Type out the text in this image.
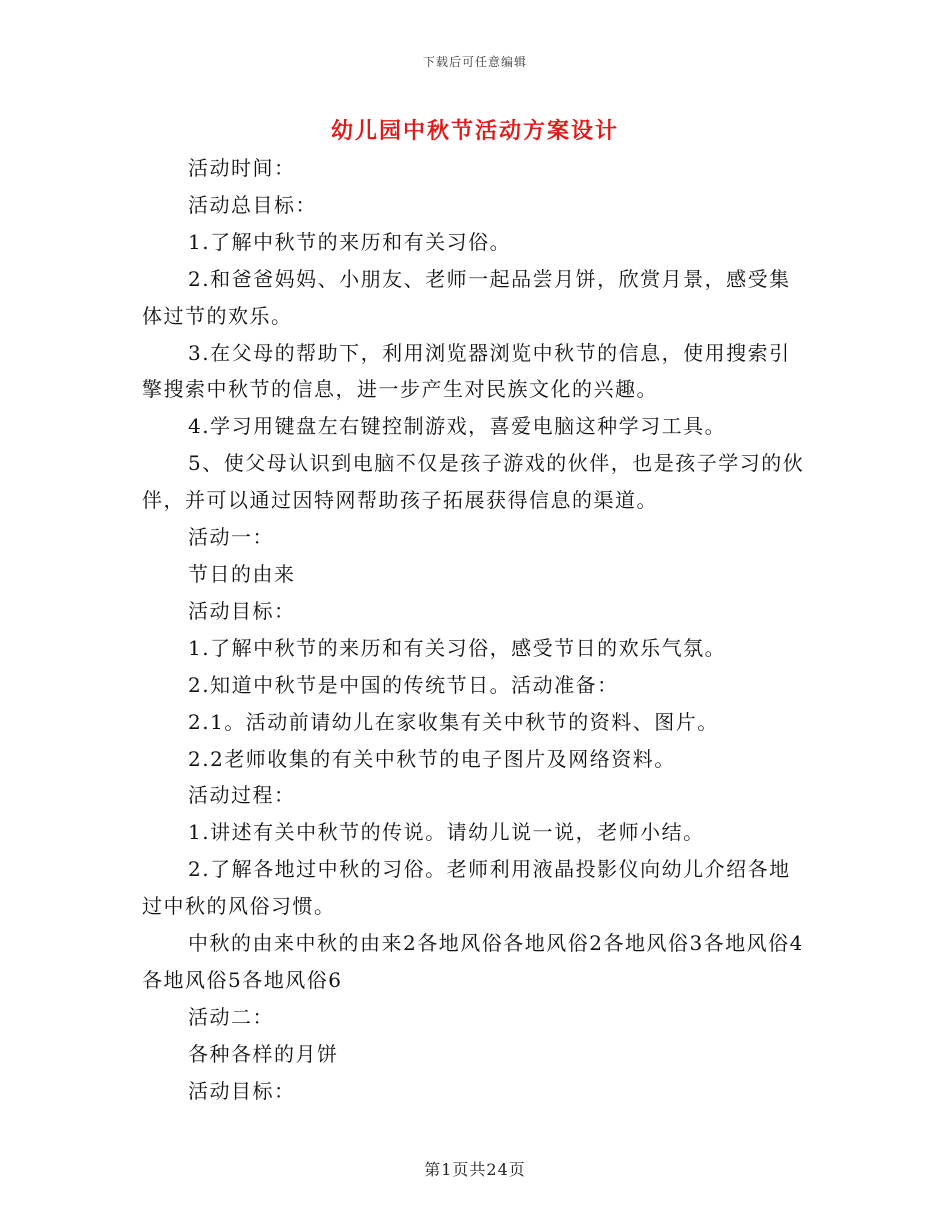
下载后可任意编辑
幼儿园中秋节活动方案设计

活动时间：

活动总目标：

1.了解中秋节的来历和有关习俗。

2.和爸爸妈妈、小朋友、老师一起品尝月饼，欣赏月景，感受集体过节的欢乐。

3.在父母的帮助下，利用浏览器浏览中秋节的信息，使用搜索引擎搜索中秋节的信息，进一步产生对民族文化的兴趣。

4.学习用键盘左右键控制游戏，喜爱电脑这种学习工具。

5、使父母认识到电脑不仅是孩子游戏的伙伴，也是孩子学习的伙伴，并可以通过因特网帮助孩子拓展获得信息的渠道。

活动一：

节日的由来

活动目标：

1.了解中秋节的来历和有关习俗，感受节日的欢乐气氛。

2.知道中秋节是中国的传统节日。活动准备：

2.1。活动前请幼儿在家收集有关中秋节的资料、图片。

2.2老师收集的有关中秋节的电子图片及网络资料。

活动过程：

1.讲述有关中秋节的传说。请幼儿说一说，老师小结。

2.了解各地过中秋的习俗。老师利用液晶投影仪向幼儿介绍各地过中秋的风俗习惯。

中秋的由来中秋的由来2各地风俗各地风俗2各地风俗3各地风俗4各地风俗5各地风俗6

活动二：

各种各样的月饼

活动目标：

第1页共24页
